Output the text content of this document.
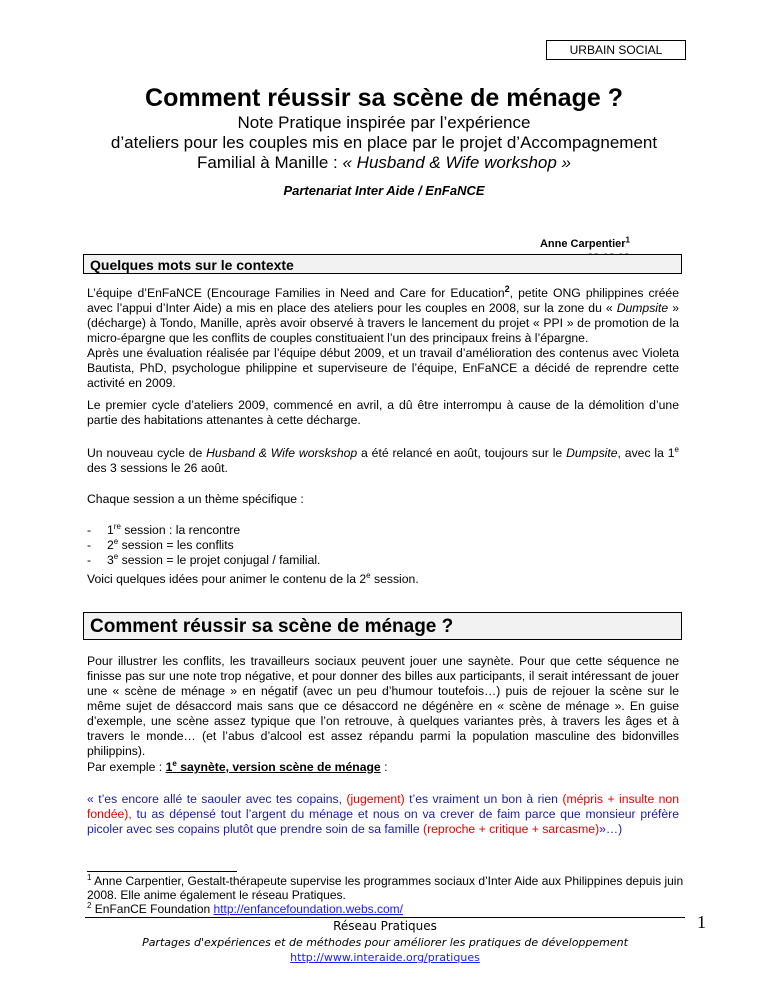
URBAIN SOCIAL
Comment réussir sa scène de ménage ?
Note Pratique inspirée par l’expérience
d’ateliers pour les couples mis en place par le projet d’Accompagnement
Familial à Manille : « Husband & Wife workshop »
Partenariat Inter Aide / EnFaNCE
Anne Carpentier$^1$
Quelques mots sur le contexte

L’équipe d’EnFaNCE (Encourage Families in Need and Care for Education$^2$, petite ONG philippines créée avec l’appui d’Inter Aide) a mis en place des ateliers pour les couples en 2008, sur la zone du « Dumpsite » (décharge) à Tondo, Manille, après avoir observé à travers le lancement du projet « PPI » de promotion de la micro-épargne que les conflits de couples constituaient l’un des principaux freins à l’épargne.

Après une évaluation réalisée par l’équipe début 2009, et un travail d’amélioration des contenus avec Violeta Bautista, PhD, psychologue philippine et superviseure de l’équipe, EnFaNCE a décidé de reprendre cette activité en 2009.

Le premier cycle d’ateliers 2009, commencé en avril, a dû être interrompu à cause de la démolition d’une partie des habitations attenantes à cette décharge.
Un nouveau cycle de Husband & Wife worskshop a été relancé en août, toujours sur le Dumpsite, avec la 1e des 3 sessions le 26 août.
Chaque session a un thème spécifique :
-	1re session : la rencontre
-	2e session = les conflits
-	3e session = le projet conjugal / familial.
Voici quelques idées pour animer le contenu de la 2e session.
Comment réussir sa scène de ménage ?
Pour illustrer les conflits, les travailleurs sociaux peuvent jouer une saynète. Pour que cette séquence ne finisse pas sur une note trop négative, et pour donner des billes aux participants, il serait intéressant de jouer une « scène de ménage » en négatif (avec un peu d’humour toutefois…) puis de rejouer la scène sur le même sujet de désaccord mais sans que ce désaccord ne dégénère en « scène de ménage ». En guise d’exemple, une scène assez typique que l’on retrouve, à quelques variantes près, à travers les âges et à travers le monde… (et l’abus d’alcool est assez répandu parmi la population masculine des bidonvilles philippins).
Par exemple : 1e saynète, version scène de ménage :
« t’es encore allé te saouler avec tes copains, (jugement) t’es vraiment un bon à rien (mépris + insulte non fondée), tu as dépensé tout l’argent du ménage et nous on va crever de faim parce que monsieur préfère picoler avec ses copains plutôt que prendre soin de sa famille (reproche + critique + sarcasme)»…)
$^1$ Anne Carpentier, Gestalt-thérapeute supervise les programmes sociaux d’Inter Aide aux Philippines depuis juin 2008. Elle anime également le réseau Pratiques.
$^2$ EnFanCE Foundation http://enfancefoundation.webs.com/
Réseau Pratiques
Partages d'expériences et de méthodes pour améliorer les pratiques de développement
http://www.interaide.org/pratiques
1
